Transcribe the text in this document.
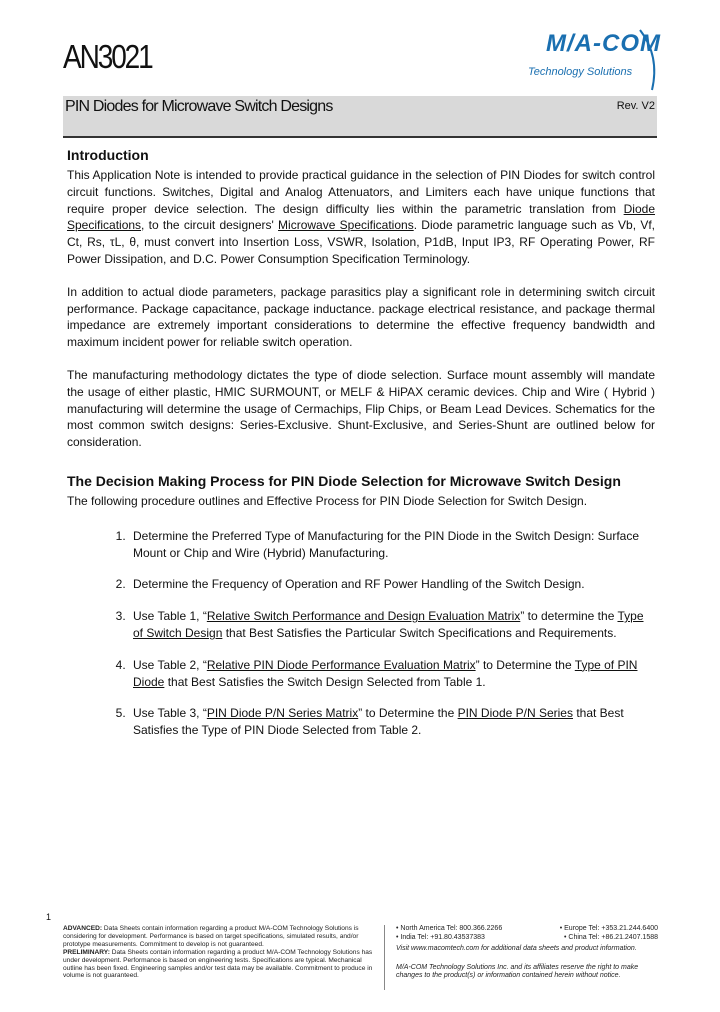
AN3021	M/A-COM
Technology Solutions
PIN Diodes for Microwave Switch Designs	Rev. V2
Introduction

This Application Note is intended to provide practical guidance in the selection of PIN Diodes for switch control circuit functions. Switches, Digital and Analog Attenuators, and Limiters each have unique functions that require proper device selection. The design difficulty lies within the parametric translation from Diode Specifications, to the circuit designers' Microwave Specifications. Diode parametric language such as Vb, Vf, Ct, Rs, τL, θ, must convert into Insertion Loss, VSWR, Isolation, P1dB, Input IP3, RF Operating Power, RF Power Dissipation, and D.C. Power Consumption Specification Terminology.

In addition to actual diode parameters, package parasitics play a significant role in determining switch circuit performance. Package capacitance, package inductance. package electrical resistance, and package thermal impedance are extremely important considerations to determine the effective frequency bandwidth and maximum incident power for reliable switch operation.

The manufacturing methodology dictates the type of diode selection. Surface mount assembly will mandate the usage of either plastic, HMIC SURMOUNT, or MELF & HiPAX ceramic devices. Chip and Wire ( Hybrid ) manufacturing will determine the usage of Cermachips, Flip Chips, or Beam Lead Devices. Schematics for the most common switch designs: Series-Exclusive. Shunt-Exclusive, and Series-Shunt are outlined below for consideration.

The Decision Making Process for PIN Diode Selection for Microwave Switch Design
The following procedure outlines and Effective Process for PIN Diode Selection for Switch Design.
1. Determine the Preferred Type of Manufacturing for the PIN Diode in the Switch Design: Surface Mount or Chip and Wire (Hybrid) Manufacturing.
2. Determine the Frequency of Operation and RF Power Handling of the Switch Design.
3. Use Table 1, “Relative Switch Performance and Design Evaluation Matrix” to determine the Type of Switch Design that Best Satisfies the Particular Switch Specifications and Requirements.
4. Use Table 2, “Relative PIN Diode Performance Evaluation Matrix” to Determine the Type of PIN Diode that Best Satisfies the Switch Design Selected from Table 1.
5. Use Table 3, “PIN Diode P/N Series Matrix” to Determine the PIN Diode P/N Series that Best Satisfies the Type of PIN Diode Selected from Table 2.
1
ADVANCED: Data Sheets contain information regarding a product M/A-COM Technology Solutions is considering for development. Performance is based on target specifications, simulated results, and/or prototype measurements. Commitment to develop is not guaranteed.
PRELIMINARY: Data Sheets contain information regarding a product M/A-COM Technology Solutions has under development. Performance is based on engineering tests. Specifications are typical. Mechanical outline has been fixed. Engineering samples and/or test data may be available. Commitment to produce in volume is not guaranteed.
• North America Tel: 800.366.2266	• Europe Tel: +353.21.244.6400
• India Tel: +91.80.43537383	• China Tel: +86.21.2407.1588
Visit www.macomtech.com for additional data sheets and product information.
M/A-COM Technology Solutions Inc. and its affiliates reserve the right to make changes to the product(s) or information contained herein without notice.
